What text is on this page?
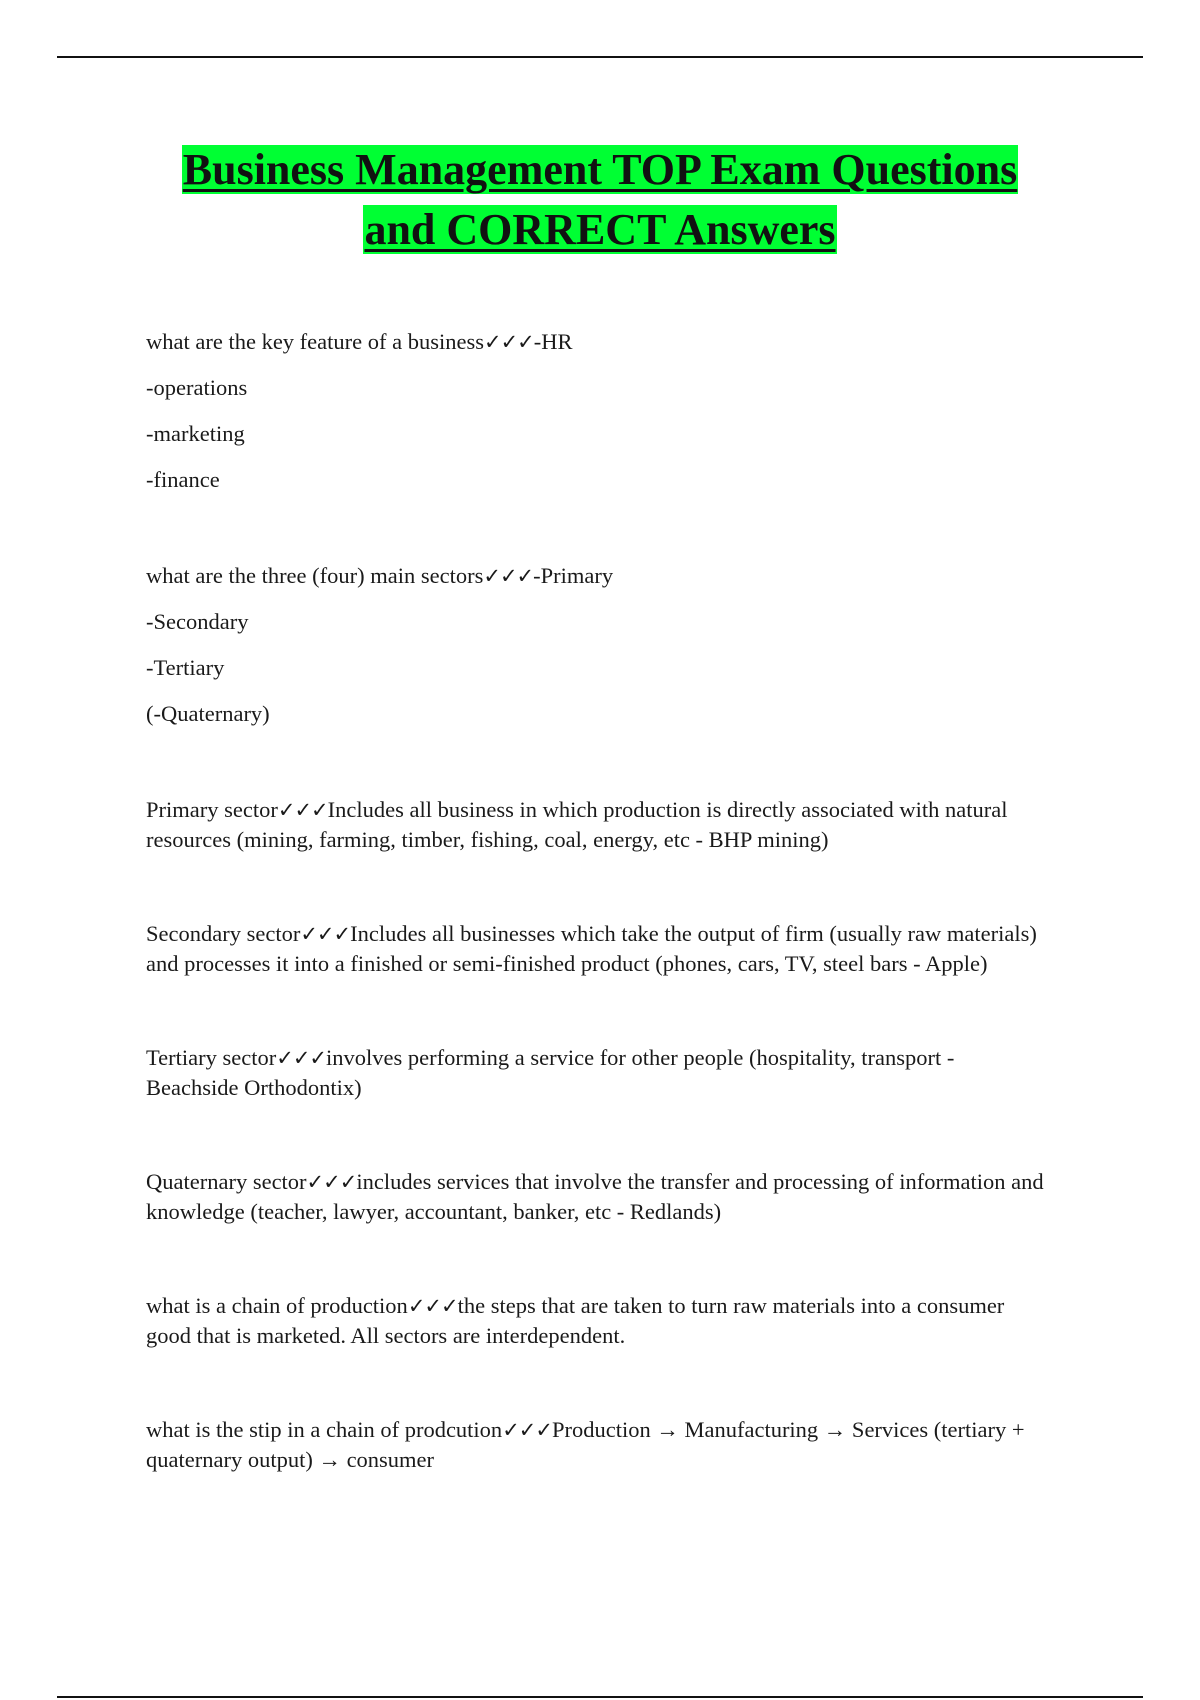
Business Management TOP Exam Questions
and CORRECT Answers

what are the key feature of a business✓✓✓-HR

-operations

-marketing

-finance

what are the three (four) main sectors✓✓✓-Primary

-Secondary

-Tertiary

(-Quaternary)

Primary sector✓✓✓Includes all business in which production is directly associated with natural resources (mining, farming, timber, fishing, coal, energy, etc - BHP mining)

Secondary sector✓✓✓Includes all businesses which take the output of firm (usually raw materials) and processes it into a finished or semi-finished product (phones, cars, TV, steel bars - Apple)

Tertiary sector✓✓✓involves performing a service for other people (hospitality, transport - Beachside Orthodontix)

Quaternary sector✓✓✓includes services that involve the transfer and processing of information and knowledge (teacher, lawyer, accountant, banker, etc - Redlands)

what is a chain of production✓✓✓the steps that are taken to turn raw materials into a consumer good that is marketed. All sectors are interdependent.

what is the stip in a chain of prodcution✓✓✓Production → Manufacturing → Services (tertiary + quaternary output) → consumer
